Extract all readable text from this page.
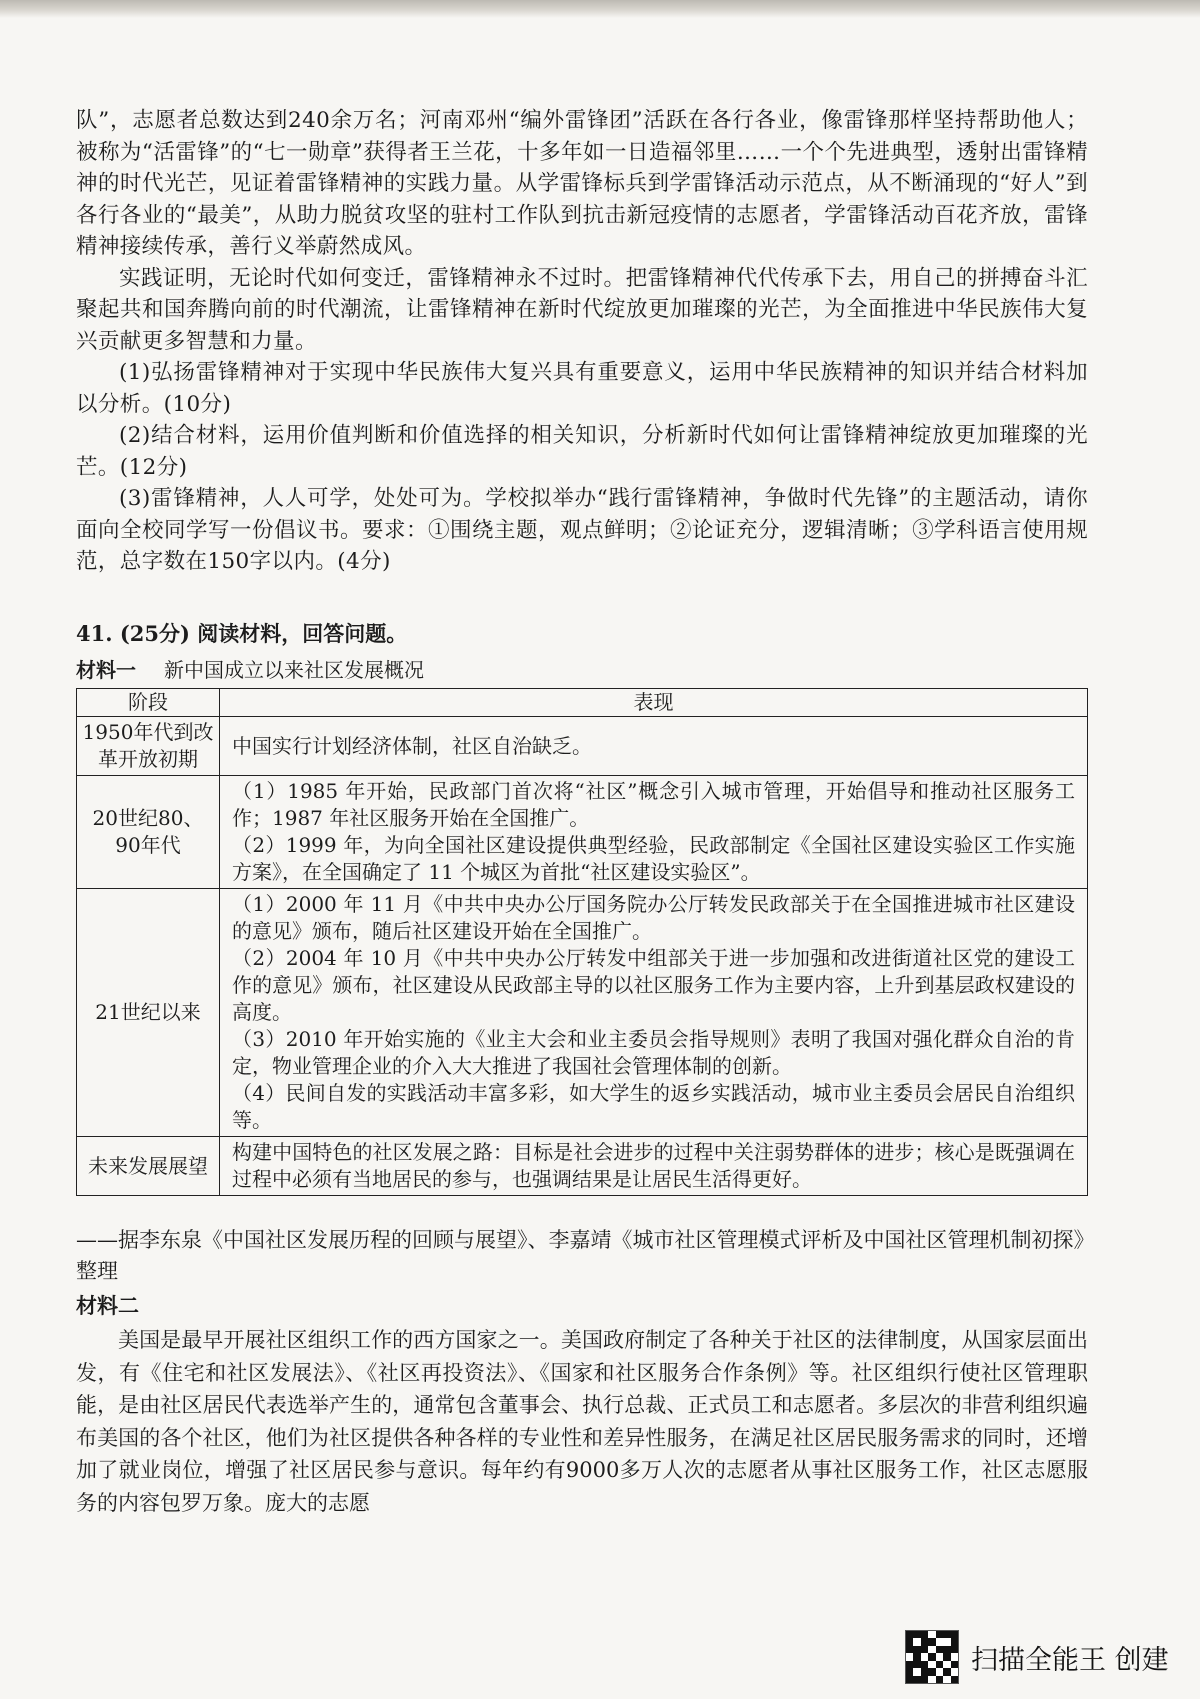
队”，志愿者总数达到240余万名；河南邓州“编外雷锋团”活跃在各行各业，像雷锋那样坚持帮助他人；被称为“活雷锋”的“七一勋章”获得者王兰花，十多年如一日造福邻里……一个个先进典型，透射出雷锋精神的时代光芒，见证着雷锋精神的实践力量。从学雷锋标兵到学雷锋活动示范点，从不断涌现的“好人”到各行各业的“最美”，从助力脱贫攻坚的驻村工作队到抗击新冠疫情的志愿者，学雷锋活动百花齐放，雷锋精神接续传承，善行义举蔚然成风。

实践证明，无论时代如何变迁，雷锋精神永不过时。把雷锋精神代代传承下去，用自己的拼搏奋斗汇聚起共和国奔腾向前的时代潮流，让雷锋精神在新时代绽放更加璀璨的光芒，为全面推进中华民族伟大复兴贡献更多智慧和力量。

(1)弘扬雷锋精神对于实现中华民族伟大复兴具有重要意义，运用中华民族精神的知识并结合材料加以分析。(10分)

(2)结合材料，运用价值判断和价值选择的相关知识，分析新时代如何让雷锋精神绽放更加璀璨的光芒。(12分)

(3)雷锋精神，人人可学，处处可为。学校拟举办“践行雷锋精神，争做时代先锋”的主题活动，请你面向全校同学写一份倡议书。要求：①围绕主题，观点鲜明；②论证充分，逻辑清晰；③学科语言使用规范，总字数在150字以内。(4分)

41. (25分) 阅读材料，回答问题。

材料一 新中国成立以来社区发展概况
阶段	表现
1950年代到改革开放初期	中国实行计划经济体制，社区自治缺乏。

20世纪80、90年代	（1）1985 年开始，民政部门首次将“社区”概念引入城市管理，开始倡导和推动社区服务工作；1987 年社区服务开始在全国推广。
（2）1999 年，为向全国社区建设提供典型经验，民政部制定《全国社区建设实验区工作实施方案》，在全国确定了 11 个城区为首批“社区建设实验区”。

21世纪以来	（1）2000 年 11 月《中共中央办公厅国务院办公厅转发民政部关于在全国推进城市社区建设的意见》颁布，随后社区建设开始在全国推广。
（2）2004 年 10 月《中共中央办公厅转发中组部关于进一步加强和改进街道社区党的建设工作的意见》颁布，社区建设从民政部主导的以社区服务工作为主要内容，上升到基层政权建设的高度。
（3）2010 年开始实施的《业主大会和业主委员会指导规则》表明了我国对强化群众自治的肯定，物业管理企业的介入大大推进了我国社会管理体制的创新。
（4）民间自发的实践活动丰富多彩，如大学生的返乡实践活动，城市业主委员会居民自治组织等。

未来发展展望	构建中国特色的社区发展之路：目标是社会进步的过程中关注弱势群体的进步；核心是既强调在过程中必须有当地居民的参与，也强调结果是让居民生活得更好。
——据李东泉《中国社区发展历程的回顾与展望》、李嘉靖《城市社区管理模式评析及中国社区管理机制初探》整理

材料二

美国是最早开展社区组织工作的西方国家之一。美国政府制定了各种关于社区的法律制度，从国家层面出发，有《住宅和社区发展法》、《社区再投资法》、《国家和社区服务合作条例》等。社区组织行使社区管理职能，是由社区居民代表选举产生的，通常包含董事会、执行总裁、正式员工和志愿者。多层次的非营利组织遍布美国的各个社区，他们为社区提供各种各样的专业性和差异性服务，在满足社区居民服务需求的同时，还增加了就业岗位，增强了社区居民参与意识。每年约有9000多万人次的志愿者从事社区服务工作，社区志愿服务的内容包罗万象。庞大的志愿

扫描全能王 创建
